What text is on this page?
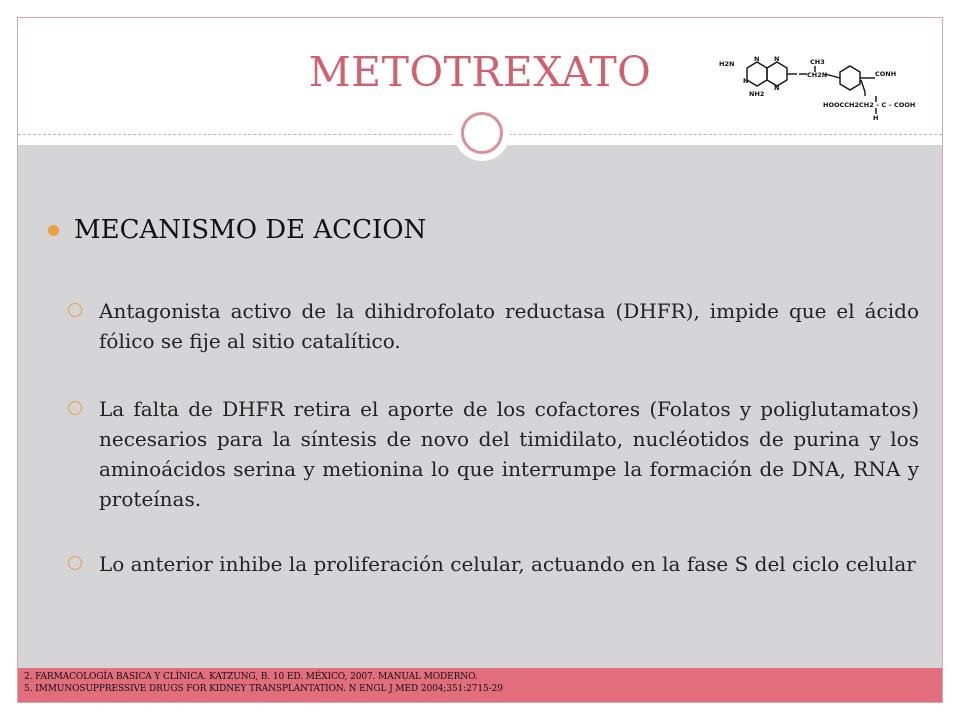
2. FARMACOLOGÍA BASICA Y CLÍNICA. KATZUNG, B. 10 ED. MÉXICO, 2007. MANUAL MODERNO.
5. IMMUNOSUPPRESSIVE DRUGS FOR KIDNEY TRANSPLANTATION. N ENGL J MED 2004;351:2715-29
METOTREXATO	H2N
NH2
N N
N
N
CH3
CH2N	CONH
HOOCCH2CH2 – C – COOH
H
MECANISMO DE ACCION
Antagonista activo de la dihidrofolato reductasa (DHFR), impide que el ácido fólico se fije al sitio catalítico.
La falta de DHFR retira el aporte de los cofactores (Folatos y poliglutamatos) necesarios para la síntesis de novo del timidilato, nucléotidos de purina y los aminoácidos serina y metionina lo que interrumpe la formación de DNA, RNA y proteínas.
Lo anterior inhibe la proliferación celular, actuando en la fase S del ciclo celular
